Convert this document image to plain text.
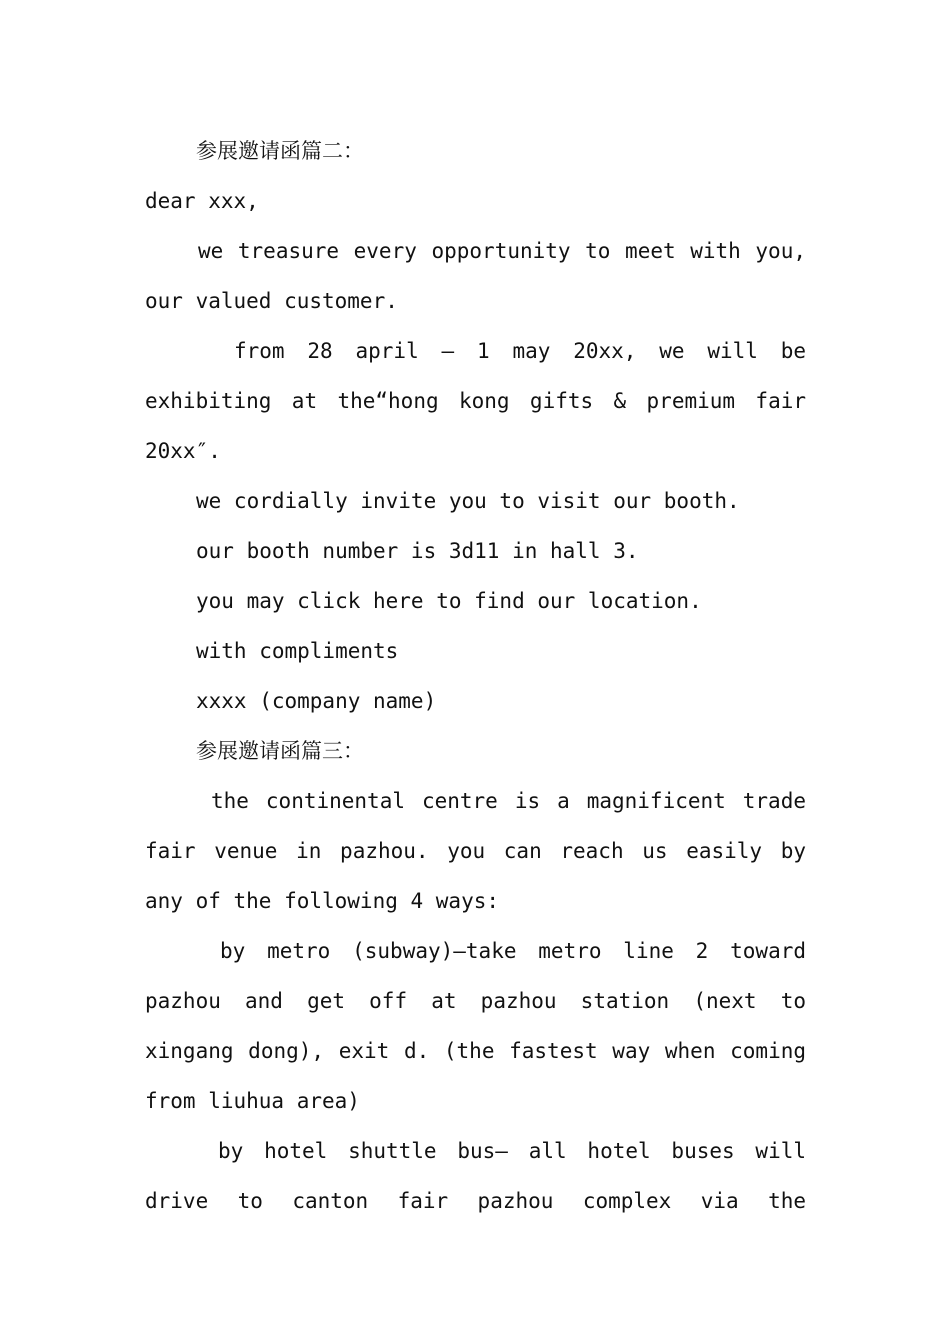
参展邀请函篇二：
dear xxx,
we treasure every opportunity to meet with you,
our valued customer.
from 28 april – 1 may 20xx, we will be
exhibiting at the“hong kong gifts & premium fair
20xx″.
we cordially invite you to visit our booth.
our booth number is 3d11 in hall 3.
you may click here to find our location.
with compliments
xxxx (company name)
参展邀请函篇三：
the continental centre is a magnificent trade
fair venue in pazhou. you can reach us easily by
any of the following 4 ways:
by metro (subway)—take metro line 2 toward
pazhou and get off at pazhou station (next to
xingang dong), exit d. (the fastest way when coming
from liuhua area)
by hotel shuttle bus— all hotel buses will
drive to canton fair pazhou complex via the
